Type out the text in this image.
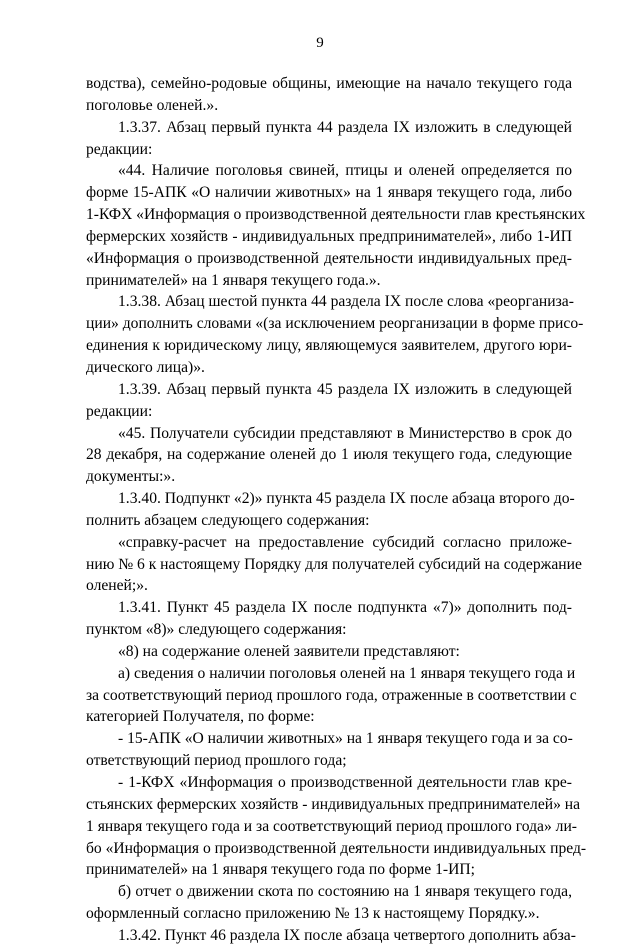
9
водства), семейно-родовые общины, имеющие на начало текущего года
поголовье оленей.».
1.3.37. Абзац первый пункта 44 раздела IX изложить в следующей
редакции:
«44. Наличие поголовья свиней, птицы и оленей определяется по
форме 15-АПК «О наличии животных» на 1 января текущего года, либо
1-КФХ «Информация о производственной деятельности глав крестьянских
фермерских хозяйств - индивидуальных предпринимателей», либо 1-ИП
«Информация о производственной деятельности индивидуальных пред-
принимателей» на 1 января текущего года.».
1.3.38. Абзац шестой пункта 44 раздела IX после слова «реорганиза-
ции» дополнить словами «(за исключением реорганизации в форме присо-
единения к юридическому лицу, являющемуся заявителем, другого юри-
дического лица)».
1.3.39. Абзац первый пункта 45 раздела IX изложить в следующей
редакции:
«45. Получатели субсидии представляют в Министерство в срок до
28 декабря, на содержание оленей до 1 июля текущего года, следующие
документы:».
1.3.40. Подпункт «2)» пункта 45 раздела IX после абзаца второго до-
полнить абзацем следующего содержания:
«справку-расчет на предоставление субсидий согласно приложе-
нию № 6 к настоящему Порядку для получателей субсидий на содержание
оленей;».
1.3.41. Пункт 45 раздела IX после подпункта «7)» дополнить под-
пунктом «8)» следующего содержания:
«8) на содержание оленей заявители представляют:
а) сведения о наличии поголовья оленей на 1 января текущего года и
за соответствующий период прошлого года, отраженные в соответствии с
категорией Получателя, по форме:
- 15-АПК «О наличии животных» на 1 января текущего года и за со-
ответствующий период прошлого года;
- 1-КФХ «Информация о производственной деятельности глав кре-
стьянских фермерских хозяйств - индивидуальных предпринимателей» на
1 января текущего года и за соответствующий период прошлого года» ли-
бо «Информация о производственной деятельности индивидуальных пред-
принимателей» на 1 января текущего года по форме 1-ИП;
б) отчет о движении скота по состоянию на 1 января текущего года,
оформленный согласно приложению № 13 к настоящему Порядку.».
1.3.42. Пункт 46 раздела IX после абзаца четвертого дополнить абза-
